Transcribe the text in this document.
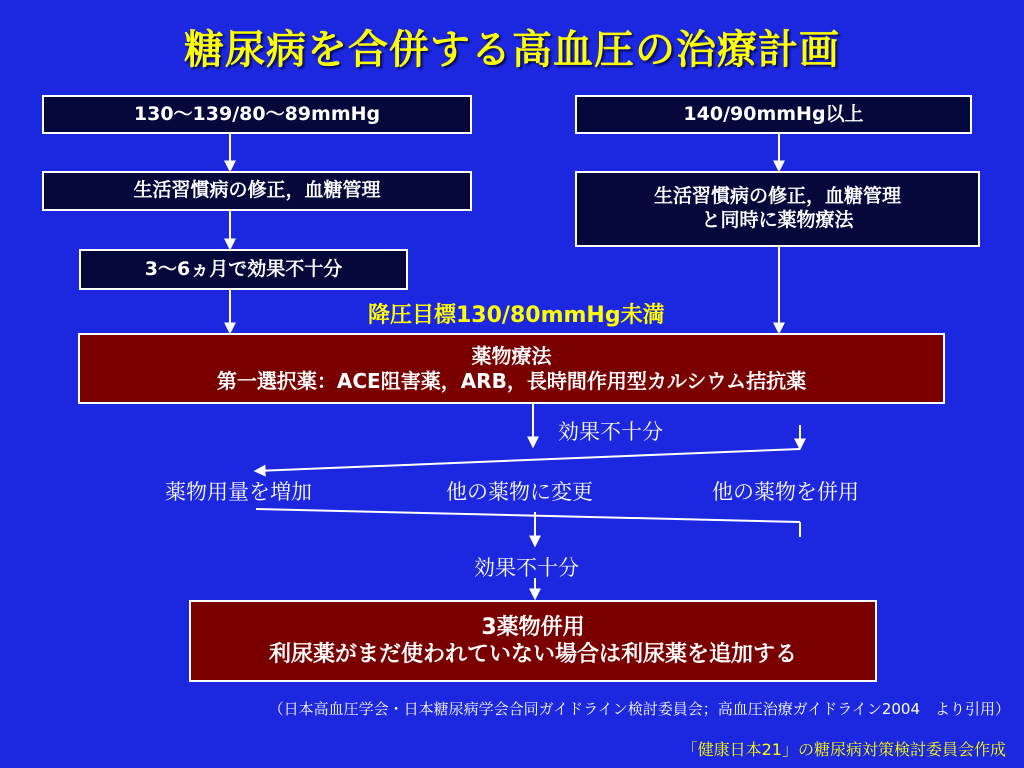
糖尿病を合併する高血圧の治療計画
130〜139/80〜89mmHg
生活習慣病の修正，血糖管理
3〜6ヵ月で効果不十分
140/90mmHg以上
生活習慣病の修正，血糖管理
と同時に薬物療法
降圧目標130/80mmHg未満
薬物療法
第一選択薬：ACE阻害薬，ARB，長時間作用型カルシウム拮抗薬
効果不十分
薬物用量を増加	他の薬物に変更	他の薬物を併用
効果不十分
3薬物併用
利尿薬がまだ使われていない場合は利尿薬を追加する
（日本高血圧学会・日本糖尿病学会合同ガイドライン検討委員会；高血圧治療ガイドライン2004　より引用）
「健康日本21」の糖尿病対策検討委員会作成
